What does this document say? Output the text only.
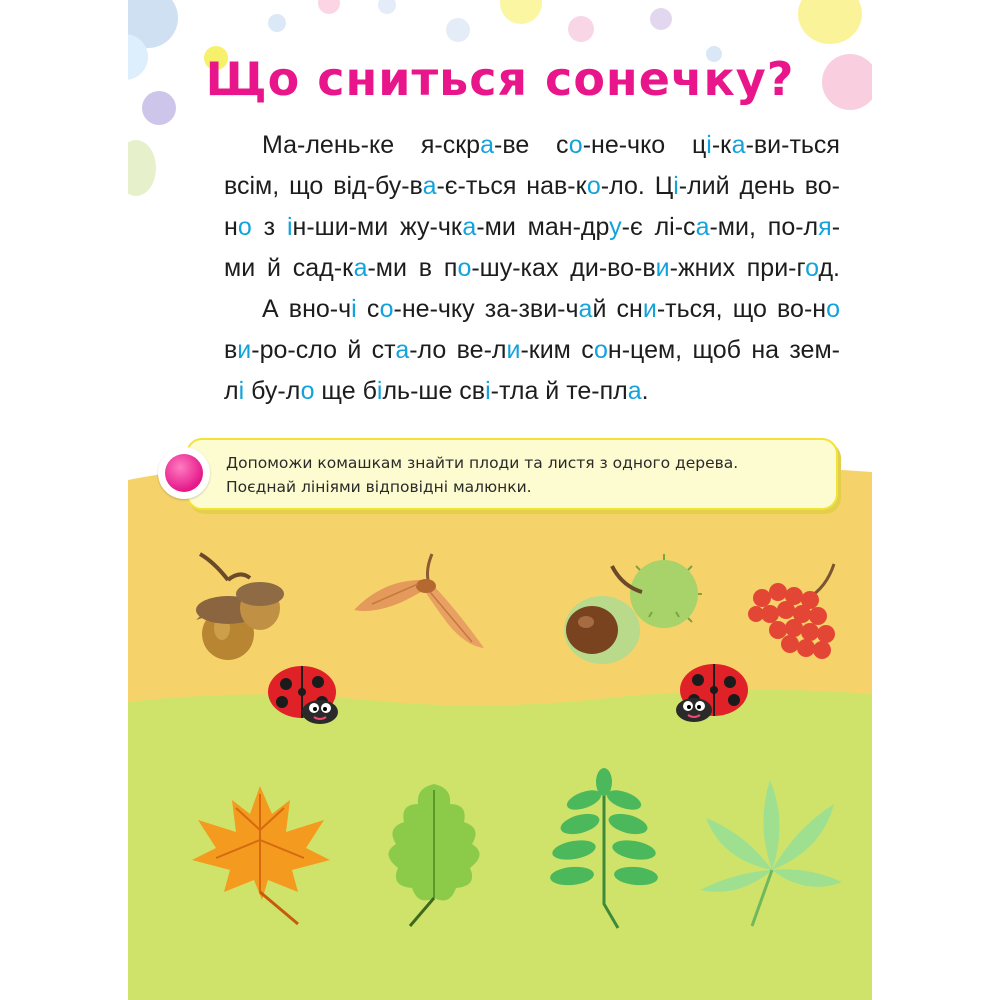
Що сниться сонечку?
Ма-лень-ке я-скра-ве со-не-чко ці-ка-ви-ться
всім, що від-бу-ва-є-ться нав-ко-ло. Ці-лий день во-
но з ін-ши-ми жу-чка-ми ман-дру-є лі-са-ми, по-ля-
ми й сад-ка-ми в по-шу-ках ди-во-ви-жних при-год.
А вно-чі со-не-чку за-зви-чай сни-ться, що во-но
ви-ро-сло й ста-ло ве-ли-ким сон-цем, щоб на зем-
лі бу-ло ще біль-ше сві-тла й те-пла.
Допоможи комашкам знайти плоди та листя з одного дерева.
Поєднай лініями відповідні малюнки.
